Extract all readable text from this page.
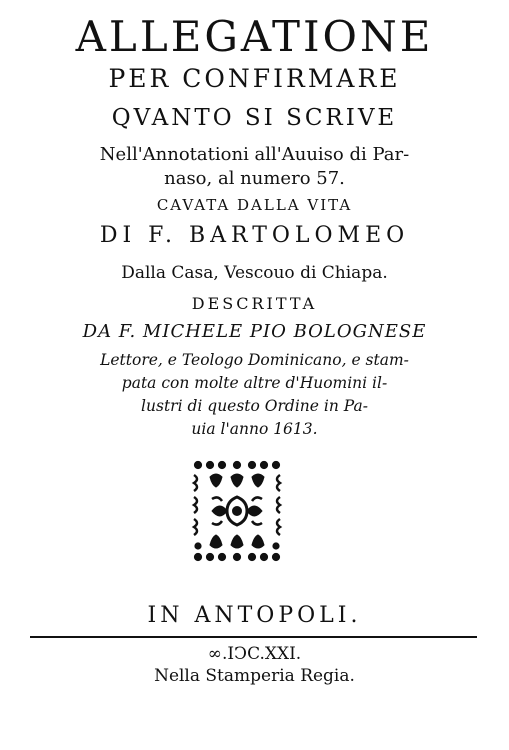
ALLEGATIONE
PER CONFIRMARE
QVANTO SI SCRIVE
Nell'Annotationi all'Auuiso di Par-
naso, al numero 57.
CAVATA DALLA VITA
DI F. BARTOLOMEO
Dalla Casa, Vescouo di Chiapa.
DESCRITTA
DA F. MICHELE PIO BOLOGNESE
Lettore, e Teologo Dominicano, e stam-
pata con molte altre d'Huomini il-
lustri di questo Ordine in Pa-
uia l'anno 1613.
IN ANTOPOLI.
∞.IↃC.XXI.
Nella Stamperia Regia.
